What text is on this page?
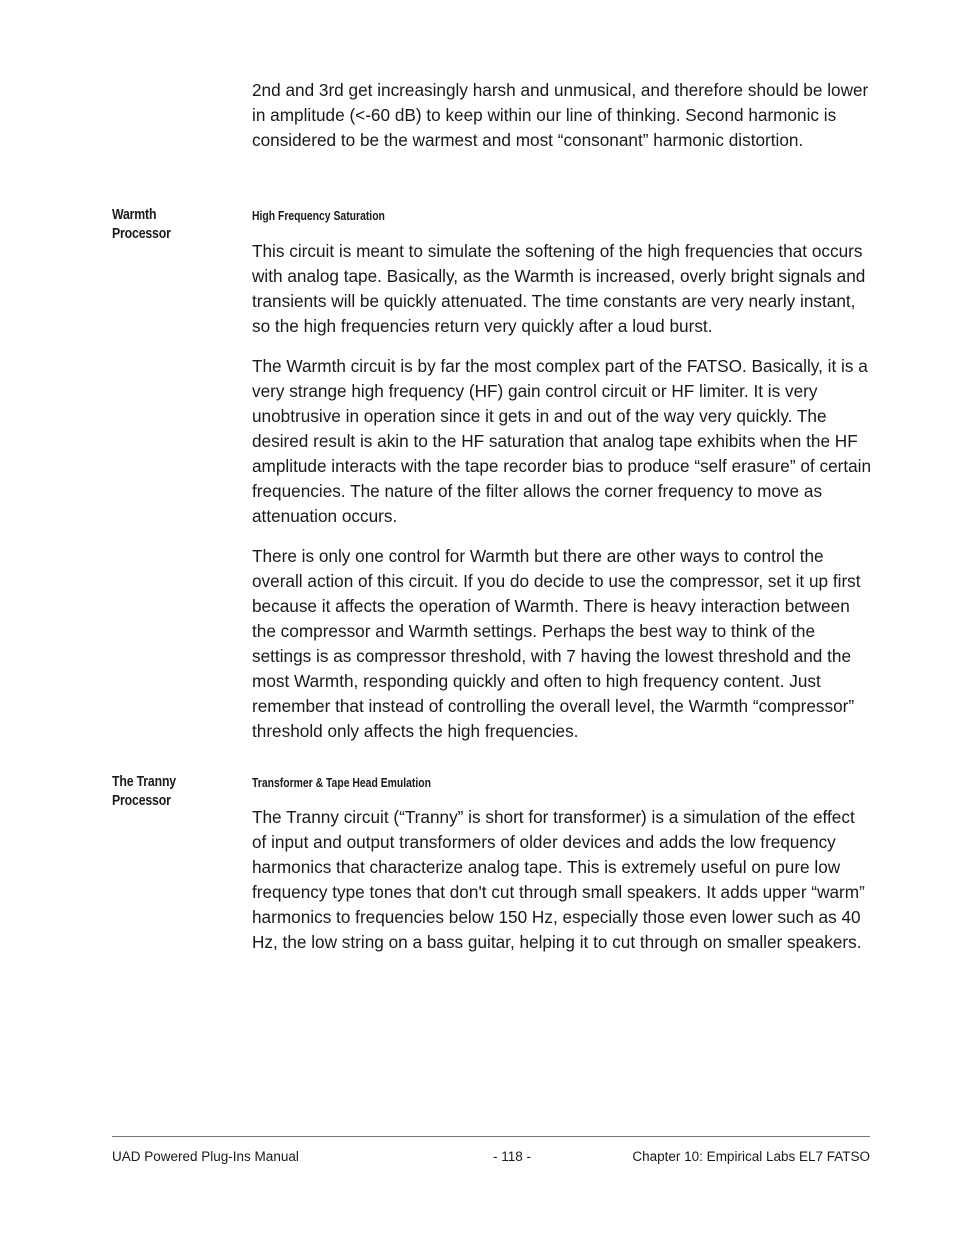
2nd and 3rd get increasingly harsh and unmusical, and therefore should be lower in amplitude (<-60 dB) to keep within our line of thinking. Second harmonic is considered to be the warmest and most “consonant” harmonic distortion.

Warmth
Processor
High Frequency Saturation

This circuit is meant to simulate the softening of the high frequencies that occurs with analog tape. Basically, as the Warmth is increased, overly bright signals and transients will be quickly attenuated. The time constants are very nearly instant, so the high frequencies return very quickly after a loud burst.

The Warmth circuit is by far the most complex part of the FATSO. Basically, it is a very strange high frequency (HF) gain control circuit or HF limiter. It is very unobtrusive in operation since it gets in and out of the way very quickly. The desired result is akin to the HF saturation that analog tape exhibits when the HF amplitude interacts with the tape recorder bias to produce “self erasure” of certain frequencies. The nature of the filter allows the corner frequency to move as attenuation occurs.

There is only one control for Warmth but there are other ways to control the overall action of this circuit. If you do decide to use the compressor, set it up first because it affects the operation of Warmth. There is heavy interaction between the compressor and Warmth settings. Perhaps the best way to think of the settings is as compressor threshold, with 7 having the lowest threshold and the most Warmth, responding quickly and often to high frequency content. Just remember that instead of controlling the overall level, the Warmth “compressor” threshold only affects the high frequencies.

The Tranny
Processor
Transformer & Tape Head Emulation

The Tranny circuit (“Tranny” is short for transformer) is a simulation of the effect of input and output transformers of older devices and adds the low frequency harmonics that characterize analog tape. This is extremely useful on pure low frequency type tones that don't cut through small speakers. It adds upper “warm” harmonics to frequencies below 150 Hz, especially those even lower such as 40 Hz, the low string on a bass guitar, helping it to cut through on smaller speakers.

UAD Powered Plug-Ins Manual	- 118 -	Chapter 10: Empirical Labs EL7 FATSO
